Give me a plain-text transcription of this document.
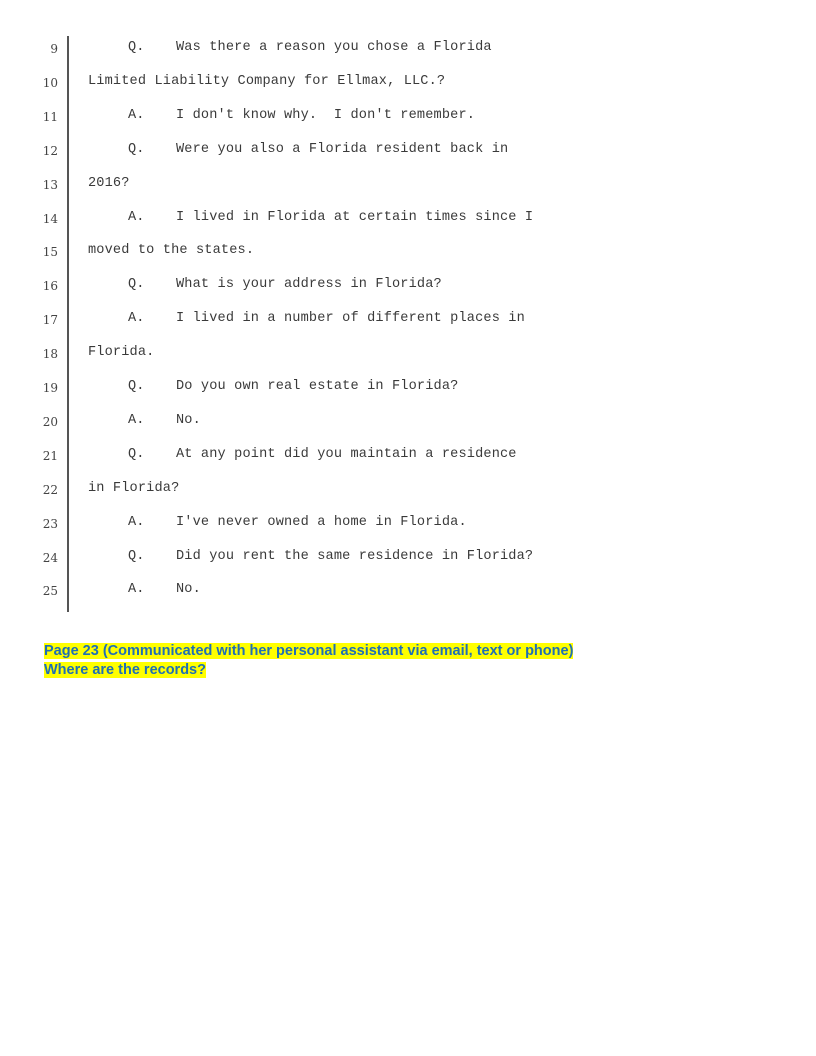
9	Q. Was there a reason you chose a Florida
10 Limited Liability Company for Ellmax, LLC.?
11	A. I don't know why.  I don't remember.
12	Q. Were you also a Florida resident back in
13 2016?
14	A. I lived in Florida at certain times since I
15 moved to the states.
16	Q. What is your address in Florida?
17	A. I lived in a number of different places in
18 Florida.
19	Q. Do you own real estate in Florida?
20	A. No.
21	Q. At any point did you maintain a residence
22 in Florida?
23	A. I've never owned a home in Florida.
24	Q. Did you rent the same residence in Florida?
25	A. No.
Page 23 (Communicated with her personal assistant via email, text or phone)
Where are the records?
